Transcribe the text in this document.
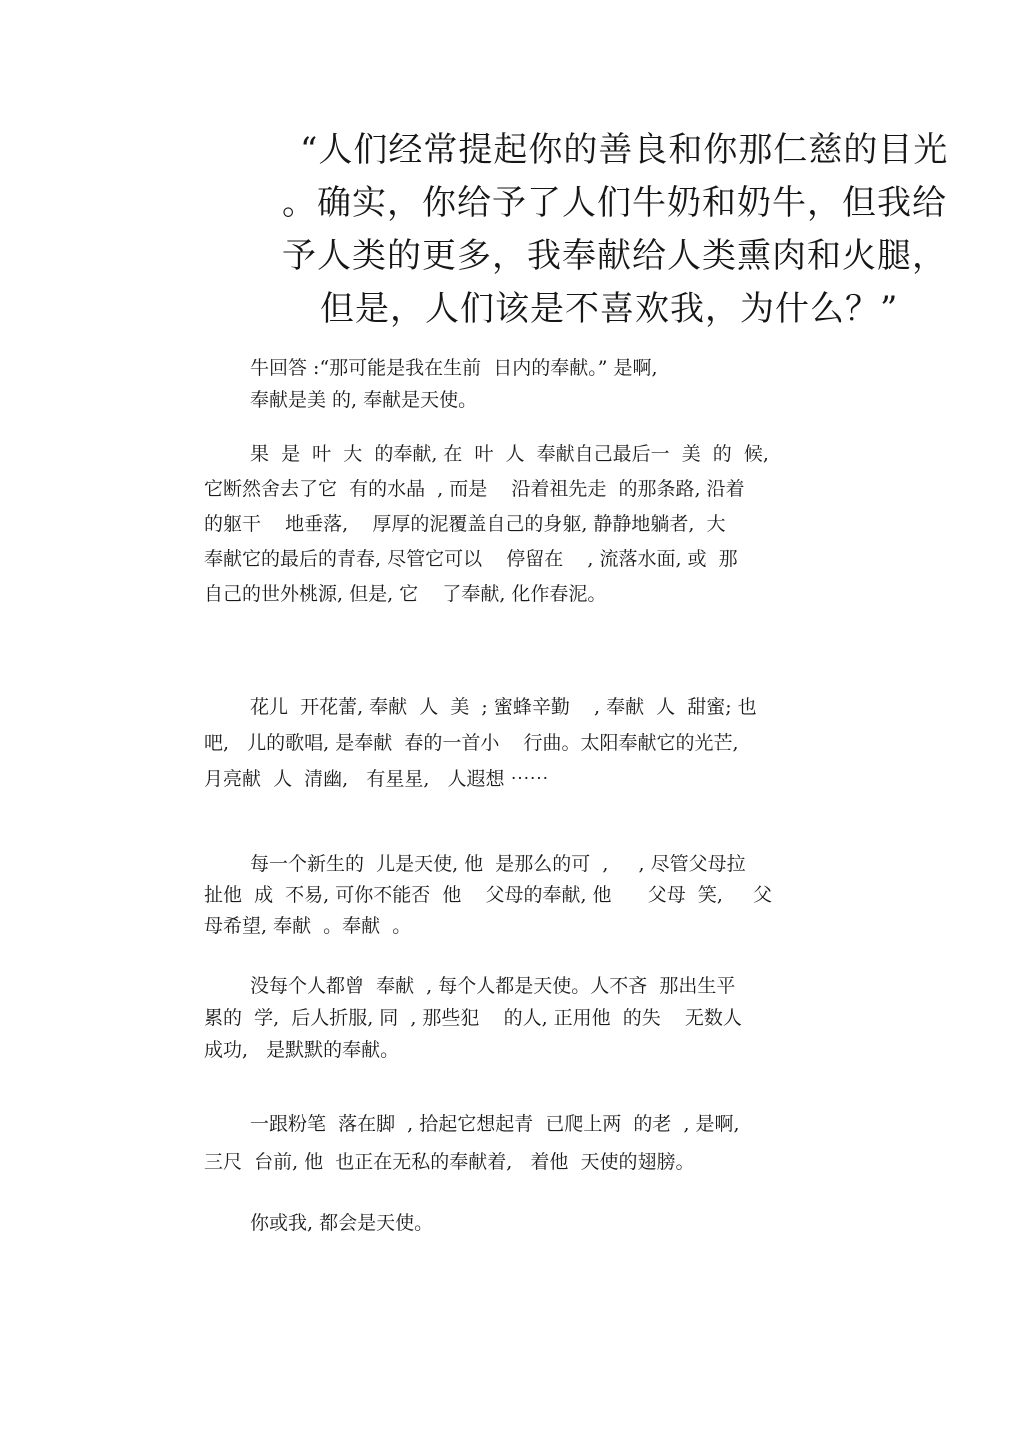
“人们经常提起你的善良和你那仁慈的目光
。确实，你给予了人们牛奶和奶牛，但我给
予人类的更多，我奉献给人类熏肉和火腿，
但是，人们该是不喜欢我，为什么？”
牛回答 :“那可能是我在生前  日内的奉献。” 是啊,
奉献是美 的, 奉献是天使。
果  是  叶  大  的奉献, 在  叶  人  奉献自己最后一  美  的  候,
它断然舍去了它  有的水晶  , 而是    沿着祖先走  的那条路, 沿着
的躯干    地垂落,    厚厚的泥覆盖自己的身躯, 静静地躺者,  大
奉献它的最后的青春, 尽管它可以    停留在    , 流落水面, 或  那
自己的世外桃源, 但是, 它    了奉献, 化作春泥。
花儿  开花蕾, 奉献  人  美  ; 蜜蜂辛勤    , 奉献  人  甜蜜; 也
吧,   儿的歌唱, 是奉献  春的一首小    行曲。太阳奉献它的光芒,
月亮献  人  清幽,   有星星,   人遐想 ⋯⋯
每一个新生的  儿是天使, 他  是那么的可  ,     , 尽管父母拉
扯他  成  不易, 可你不能否  他    父母的奉献, 他      父母  笑,     父
母希望, 奉献  。奉献  。
没每个人都曾  奉献  , 每个人都是天使。人不吝  那出生平
累的  学,  后人折服, 同  , 那些犯    的人, 正用他  的失    无数人
成功,   是默默的奉献。
一跟粉笔  落在脚  , 拾起它想起青  已爬上两  的老  , 是啊,
三尺  台前, 他  也正在无私的奉献着,   着他  天使的翅膀。
你或我, 都会是天使。
